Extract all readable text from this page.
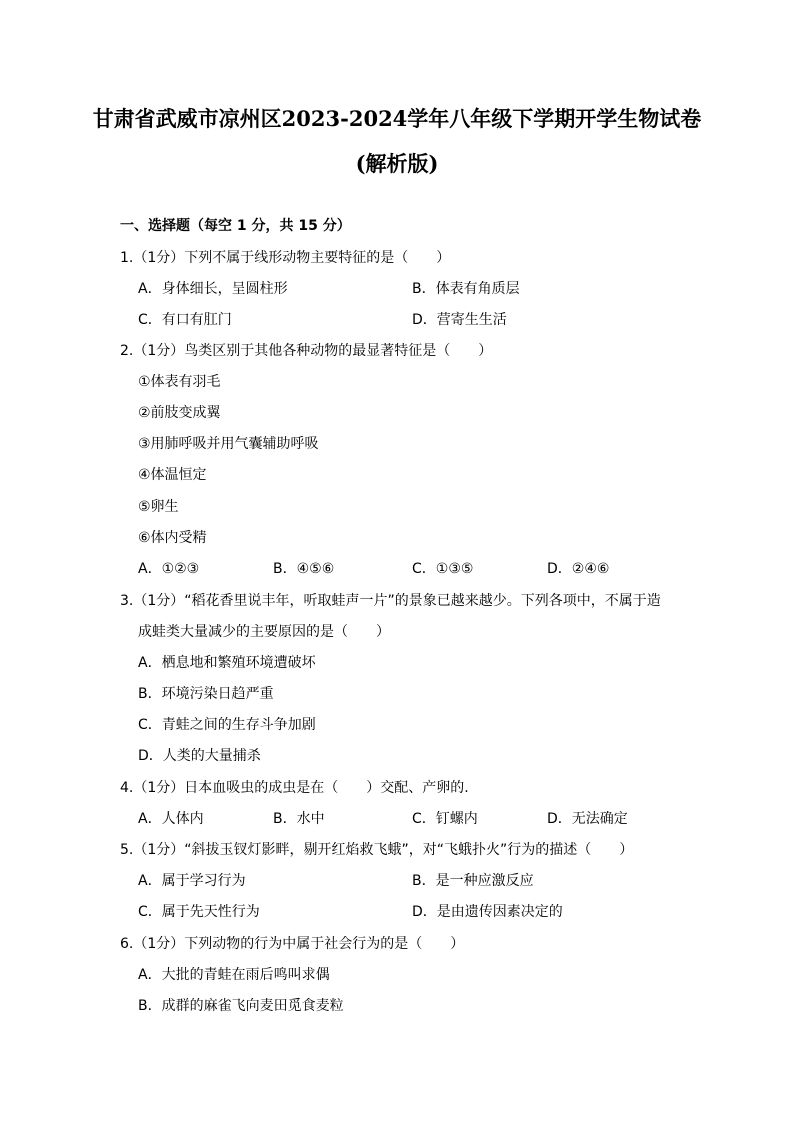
甘肃省武威市凉州区2023-2024学年八年级下学期开学生物试卷
(解析版)
一、选择题（每空 1 分，共 15 分）
1.（1分）下列不属于线形动物主要特征的是（　　）
A．身体细长，呈圆柱形	B．体表有角质层
C．有口有肛门	D．营寄生生活
2.（1分）鸟类区别于其他各种动物的最显著特征是（　　）
①体表有羽毛
②前肢变成翼
③用肺呼吸并用气囊辅助呼吸
④体温恒定
⑤卵生
⑥体内受精
A．①②③	B．④⑤⑥	C．①③⑤	D．②④⑥
3.（1分）“稻花香里说丰年，听取蛙声一片”的景象已越来越少。下列各项中，不属于造
成蛙类大量减少的主要原因的是（　　）
A．栖息地和繁殖环境遭破坏
B．环境污染日趋严重
C．青蛙之间的生存斗争加剧
D．人类的大量捕杀
4.（1分）日本血吸虫的成虫是在（　　）交配、产卵的.
A．人体内	B．水中	C．钉螺内	D．无法确定
5.（1分）“斜拔玉钗灯影畔，剔开红焰救飞蛾”，对“飞蛾扑火”行为的描述（　　）
A．属于学习行为	B．是一种应激反应
C．属于先天性行为	D．是由遗传因素决定的
6.（1分）下列动物的行为中属于社会行为的是（　　）
A．大批的青蛙在雨后鸣叫求偶
B．成群的麻雀飞向麦田觅食麦粒
